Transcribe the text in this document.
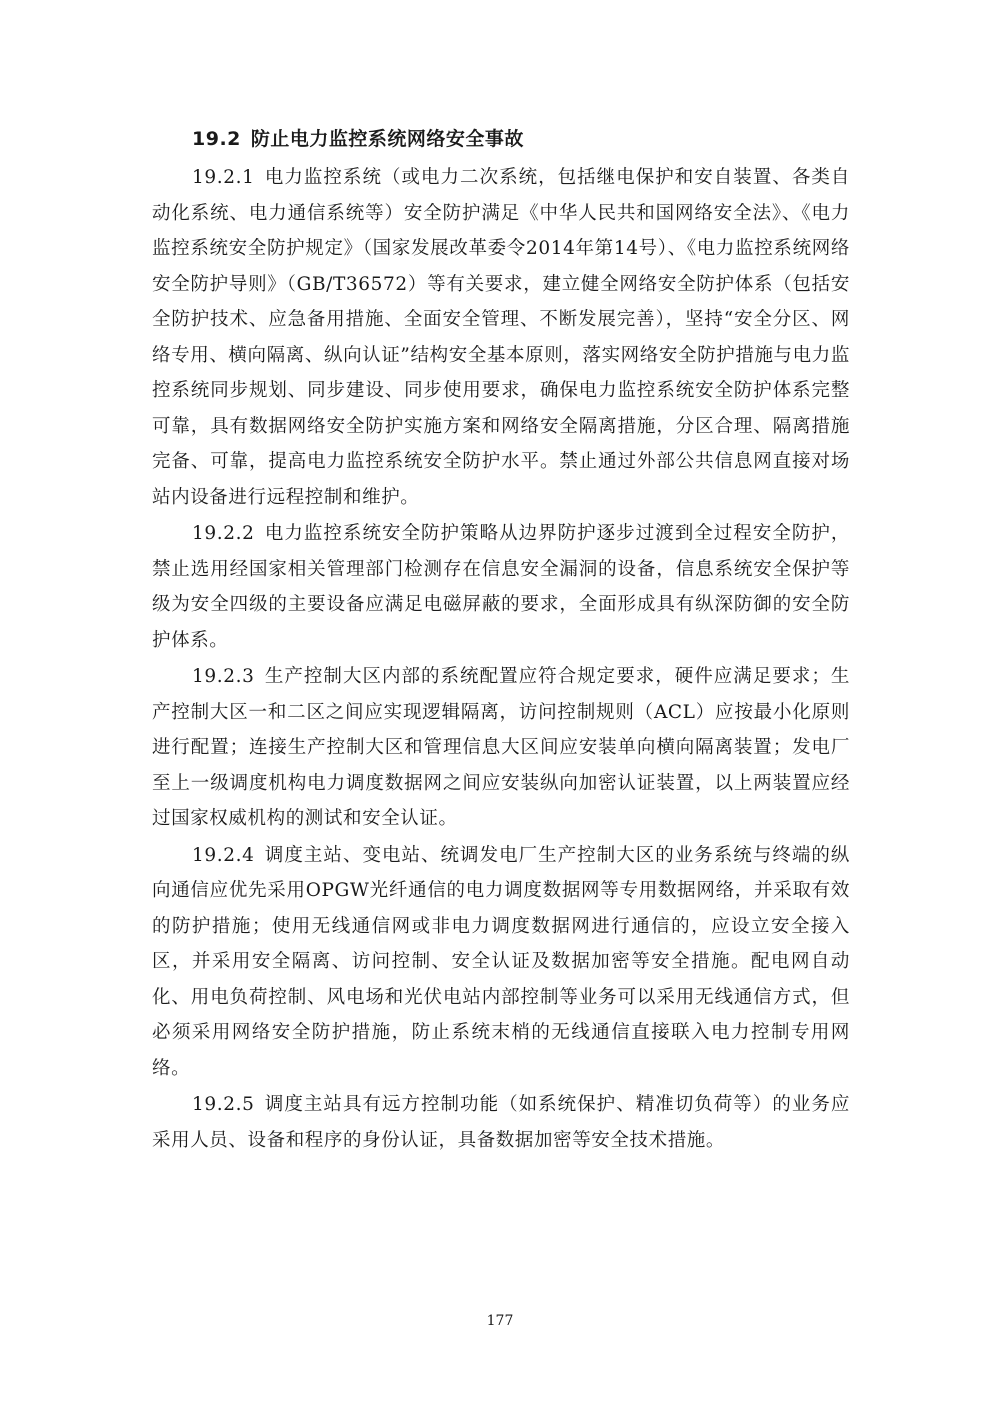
19.2 防止电力监控系统网络安全事故

19.2.1 电力监控系统（或电力二次系统，包括继电保护和安自装置、各类自动化系统、电力通信系统等）安全防护满足《中华人民共和国网络安全法》、《电力监控系统安全防护规定》（国家发展改革委令2014年第14号）、《电力监控系统网络安全防护导则》（GB/T36572）等有关要求，建立健全网络安全防护体系（包括安全防护技术、应急备用措施、全面安全管理、不断发展完善），坚持“安全分区、网络专用、横向隔离、纵向认证”结构安全基本原则，落实网络安全防护措施与电力监控系统同步规划、同步建设、同步使用要求，确保电力监控系统安全防护体系完整可靠，具有数据网络安全防护实施方案和网络安全隔离措施，分区合理、隔离措施完备、可靠，提高电力监控系统安全防护水平。禁止通过外部公共信息网直接对场站内设备进行远程控制和维护。

19.2.2 电力监控系统安全防护策略从边界防护逐步过渡到全过程安全防护，禁止选用经国家相关管理部门检测存在信息安全漏洞的设备，信息系统安全保护等级为安全四级的主要设备应满足电磁屏蔽的要求，全面形成具有纵深防御的安全防护体系。

19.2.3 生产控制大区内部的系统配置应符合规定要求，硬件应满足要求；生产控制大区一和二区之间应实现逻辑隔离，访问控制规则（ACL）应按最小化原则进行配置；连接生产控制大区和管理信息大区间应安装单向横向隔离装置；发电厂至上一级调度机构电力调度数据网之间应安装纵向加密认证装置，以上两装置应经过国家权威机构的测试和安全认证。

19.2.4 调度主站、变电站、统调发电厂生产控制大区的业务系统与终端的纵向通信应优先采用OPGW光纤通信的电力调度数据网等专用数据网络，并采取有效的防护措施；使用无线通信网或非电力调度数据网进行通信的，应设立安全接入区，并采用安全隔离、访问控制、安全认证及数据加密等安全措施。配电网自动化、用电负荷控制、风电场和光伏电站内部控制等业务可以采用无线通信方式，但必须采用网络安全防护措施，防止系统末梢的无线通信直接联入电力控制专用网络。

19.2.5 调度主站具有远方控制功能（如系统保护、精准切负荷等）的业务应采用人员、设备和程序的身份认证，具备数据加密等安全技术措施。

177
